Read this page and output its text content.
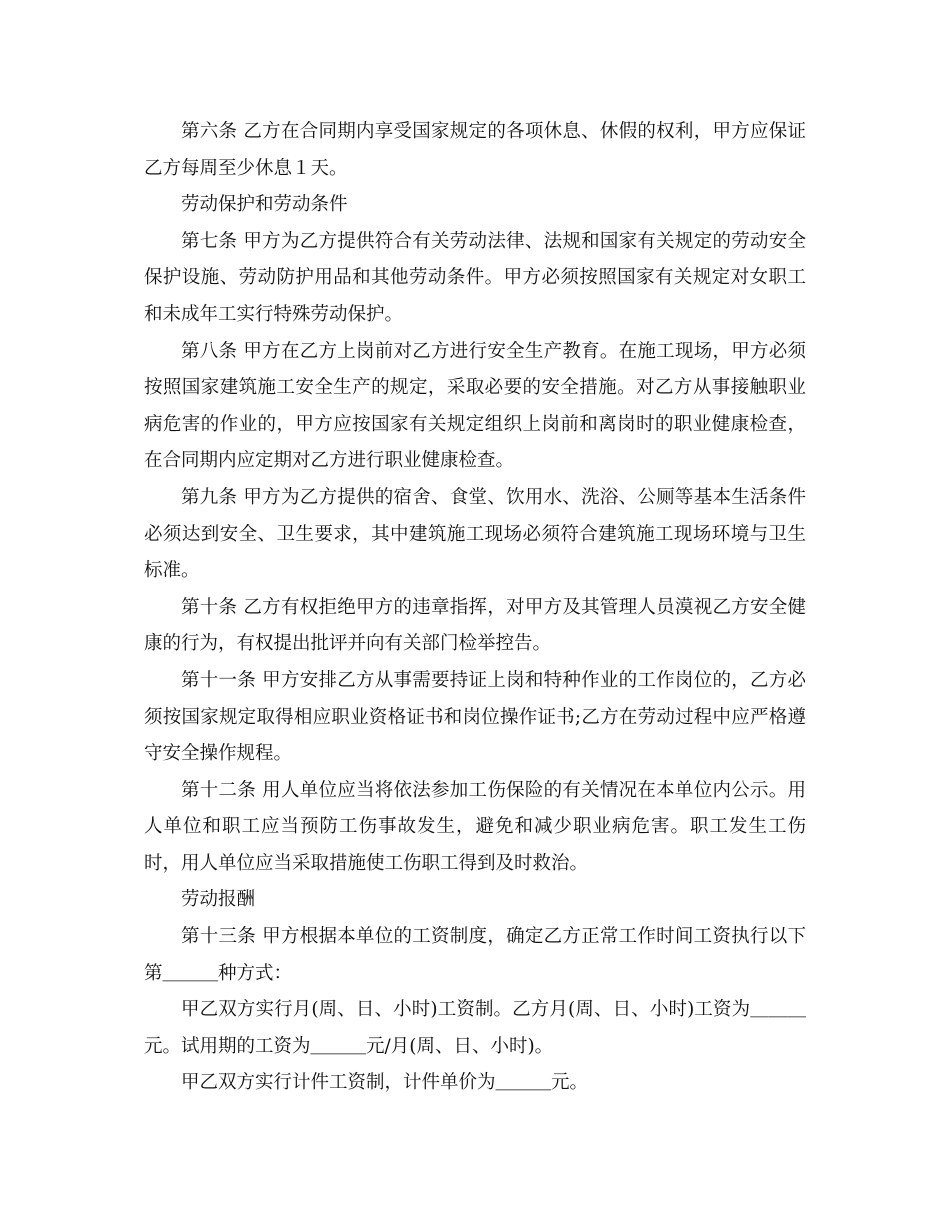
第六条 乙方在合同期内享受国家规定的各项休息、休假的权利，甲方应保证乙方每周至少休息１天。

劳动保护和劳动条件

第七条 甲方为乙方提供符合有关劳动法律、法规和国家有关规定的劳动安全保护设施、劳动防护用品和其他劳动条件。甲方必须按照国家有关规定对女职工和未成年工实行特殊劳动保护。

第八条 甲方在乙方上岗前对乙方进行安全生产教育。在施工现场，甲方必须按照国家建筑施工安全生产的规定，采取必要的安全措施。对乙方从事接触职业病危害的作业的，甲方应按国家有关规定组织上岗前和离岗时的职业健康检查，在合同期内应定期对乙方进行职业健康检查。

第九条 甲方为乙方提供的宿舍、食堂、饮用水、洗浴、公厕等基本生活条件必须达到安全、卫生要求，其中建筑施工现场必须符合建筑施工现场环境与卫生标准。

第十条 乙方有权拒绝甲方的违章指挥，对甲方及其管理人员漠视乙方安全健康的行为，有权提出批评并向有关部门检举控告。

第十一条 甲方安排乙方从事需要持证上岗和特种作业的工作岗位的，乙方必须按国家规定取得相应职业资格证书和岗位操作证书;乙方在劳动过程中应严格遵守安全操作规程。

第十二条 用人单位应当将依法参加工伤保险的有关情况在本单位内公示。用人单位和职工应当预防工伤事故发生，避免和减少职业病危害。职工发生工伤时，用人单位应当采取措施使工伤职工得到及时救治。

劳动报酬

第十三条 甲方根据本单位的工资制度，确定乙方正常工作时间工资执行以下第＿＿＿种方式：

甲乙双方实行月(周、日、小时)工资制。乙方月(周、日、小时)工资为＿＿＿元。试用期的工资为＿＿＿元/月(周、日、小时)。

甲乙双方实行计件工资制，计件单价为＿＿＿元。
